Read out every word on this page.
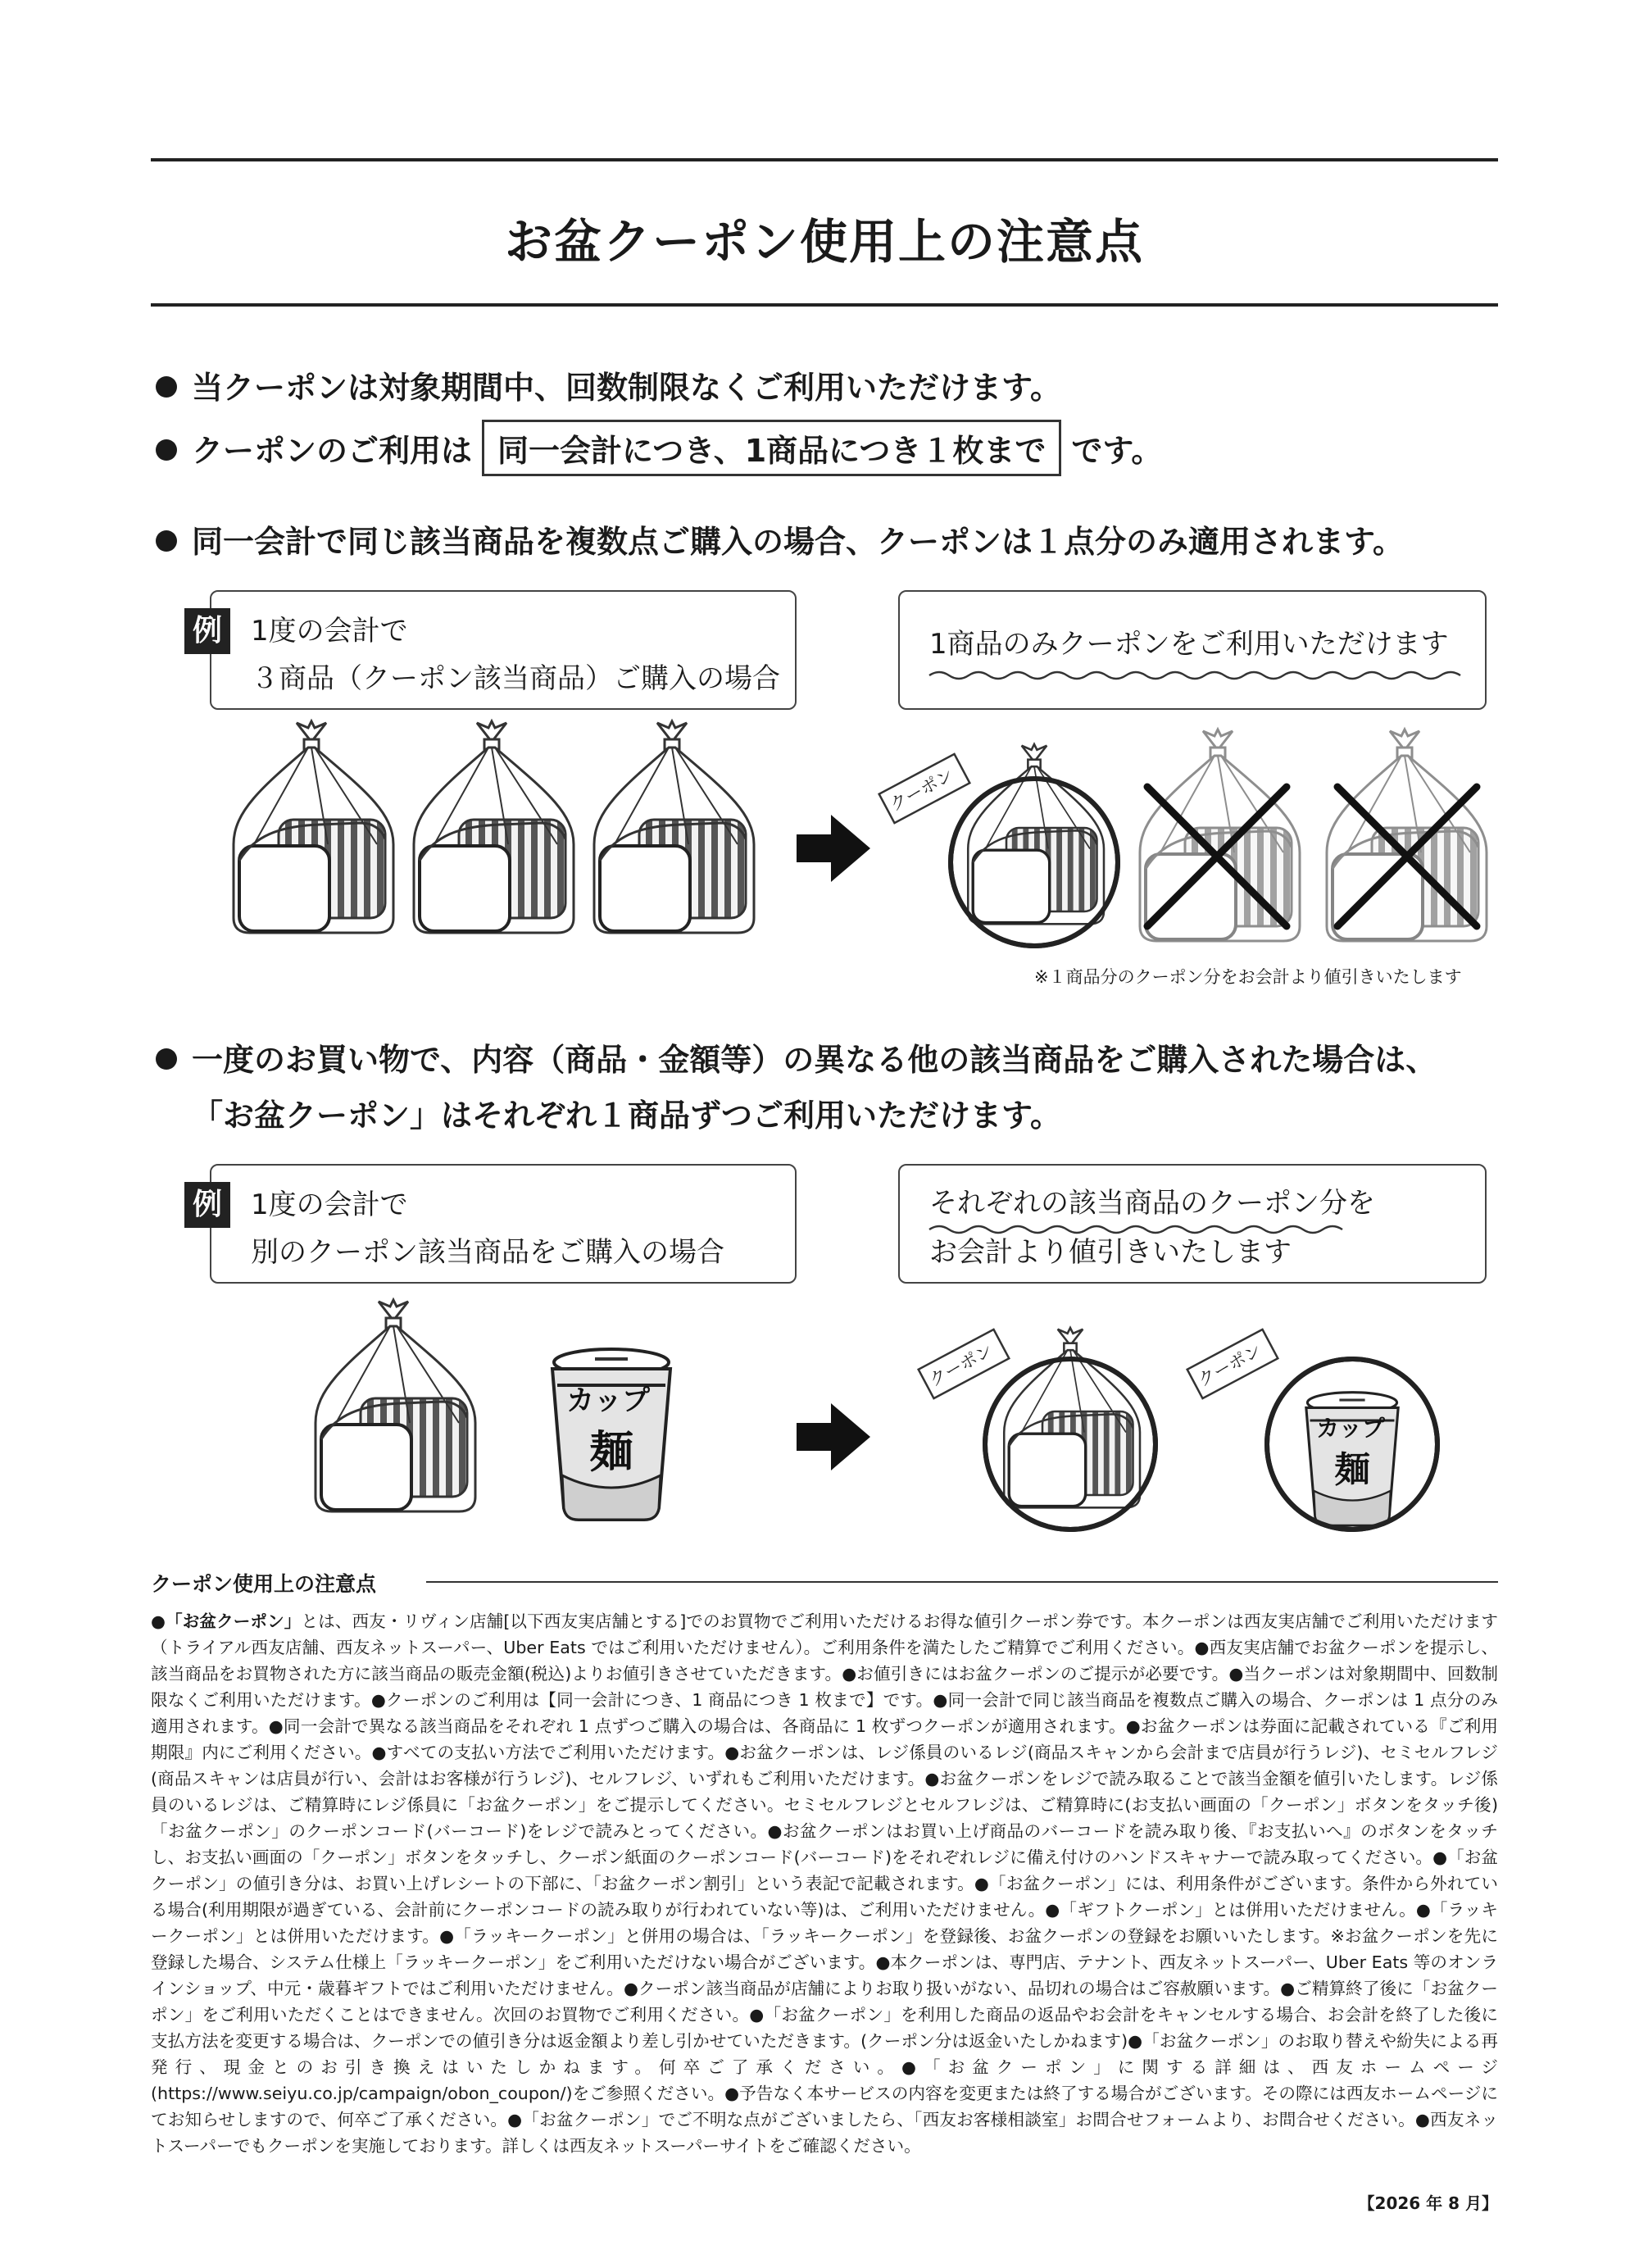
お盆クーポン使用上の注意点
当クーポンは対象期間中、回数制限なくご利用いただけます。
クーポンのご利用は 同一会計につき、1商品につき１枚まで です。
同一会計で同じ該当商品を複数点ご購入の場合、クーポンは１点分のみ適用されます。
例 1度の会計で
３商品（クーポン該当商品）ご購入の場合
1商品のみクーポンをご利用いただけます
※１商品分のクーポン分をお会計より値引きいたします
一度のお買い物で、内容（商品・金額等）の異なる他の該当商品をご購入された場合は、
「お盆クーポン」はそれぞれ１商品ずつご利用いただけます。
例 1度の会計で
別のクーポン該当商品をご購入の場合
それぞれの該当商品のクーポン分を
お会計より値引きいたします
クーポン
カップ
麺
クーポン	クーポン
カップ
麺
クーポン使用上の注意点
●「お盆クーポン」とは、西友・リヴィン店舗[以下西友実店舗とする]でのお買物でご利用いただけるお得な値引クーポン券です。本クーポンは西友実店舗でご利用いただけます（トライアル西友店舗、西友ネットスーパー、Uber Eats ではご利用いただけません）。ご利用条件を満たしたご精算でご利用ください。●西友実店舗でお盆クーポンを提示し、該当商品をお買物された方に該当商品の販売金額(税込)よりお値引きさせていただきます。●お値引きにはお盆クーポンのご提示が必要です。●当クーポンは対象期間中、回数制限なくご利用いただけます。●クーポンのご利用は【同一会計につき、1 商品につき 1 枚まで】です。●同一会計で同じ該当商品を複数点ご購入の場合、クーポンは 1 点分のみ適用されます。●同一会計で異なる該当商品をそれぞれ 1 点ずつご購入の場合は、各商品に 1 枚ずつクーポンが適用されます。●お盆クーポンは券面に記載されている『ご利用期限』内にご利用ください。●すべての支払い方法でご利用いただけます。●お盆クーポンは、レジ係員のいるレジ(商品スキャンから会計まで店員が行うレジ)、セミセルフレジ(商品スキャンは店員が行い、会計はお客様が行うレジ)、セルフレジ、いずれもご利用いただけます。●お盆クーポンをレジで読み取ることで該当金額を値引いたします。レジ係員のいるレジは、ご精算時にレジ係員に「お盆クーポン」をご提示してください。セミセルフレジとセルフレジは、ご精算時に(お支払い画面の「クーポン」ボタンをタッチ後)「お盆クーポン」のクーポンコード(バーコード)をレジで読みとってください。●お盆クーポンはお買い上げ商品のバーコードを読み取り後、『お支払いへ』のボタンをタッチし、お支払い画面の「クーポン」ボタンをタッチし、クーポン紙面のクーポンコード(バーコード)をそれぞれレジに備え付けのハンドスキャナーで読み取ってください。●「お盆クーポン」の値引き分は、お買い上げレシートの下部に、「お盆クーポン割引」という表記で記載されます。●「お盆クーポン」には、利用条件がございます。条件から外れている場合(利用期限が過ぎている、会計前にクーポンコードの読み取りが行われていない等)は、ご利用いただけません。●「ギフトクーポン」とは併用いただけません。●「ラッキークーポン」とは併用いただけます。●「ラッキークーポン」と併用の場合は、「ラッキークーポン」を登録後、お盆クーポンの登録をお願いいたします。※お盆クーポンを先に登録した場合、システム仕様上「ラッキークーポン」をご利用いただけない場合がございます。●本クーポンは、専門店、テナント、西友ネットスーパー、Uber Eats 等のオンラインショップ、中元・歳暮ギフトではご利用いただけません。●クーポン該当商品が店舗によりお取り扱いがない、品切れの場合はご容赦願います。●ご精算終了後に「お盆クーポン」をご利用いただくことはできません。次回のお買物でご利用ください。●「お盆クーポン」を利用した商品の返品やお会計をキャンセルする場合、お会計を終了した後に支払方法を変更する場合は、クーポンでの値引き分は返金額より差し引かせていただきます。(クーポン分は返金いたしかねます)●「お盆クーポン」のお取り替えや紛失による再発行、現金とのお引き換えはいたしかねます。何卒ご了承ください。●「お盆クーポン」に関する詳細は、西友ホームページ(https://www.seiyu.co.jp/campaign/obon_coupon/)をご参照ください。●予告なく本サービスの内容を変更または終了する場合がございます。その際には西友ホームページにてお知らせしますので、何卒ご了承ください。●「お盆クーポン」でご不明な点がございましたら、「西友お客様相談室」お問合せフォームより、お問合せください。●西友ネットスーパーでもクーポンを実施しております。詳しくは西友ネットスーパーサイトをご確認ください。
【2026 年 8 月】
